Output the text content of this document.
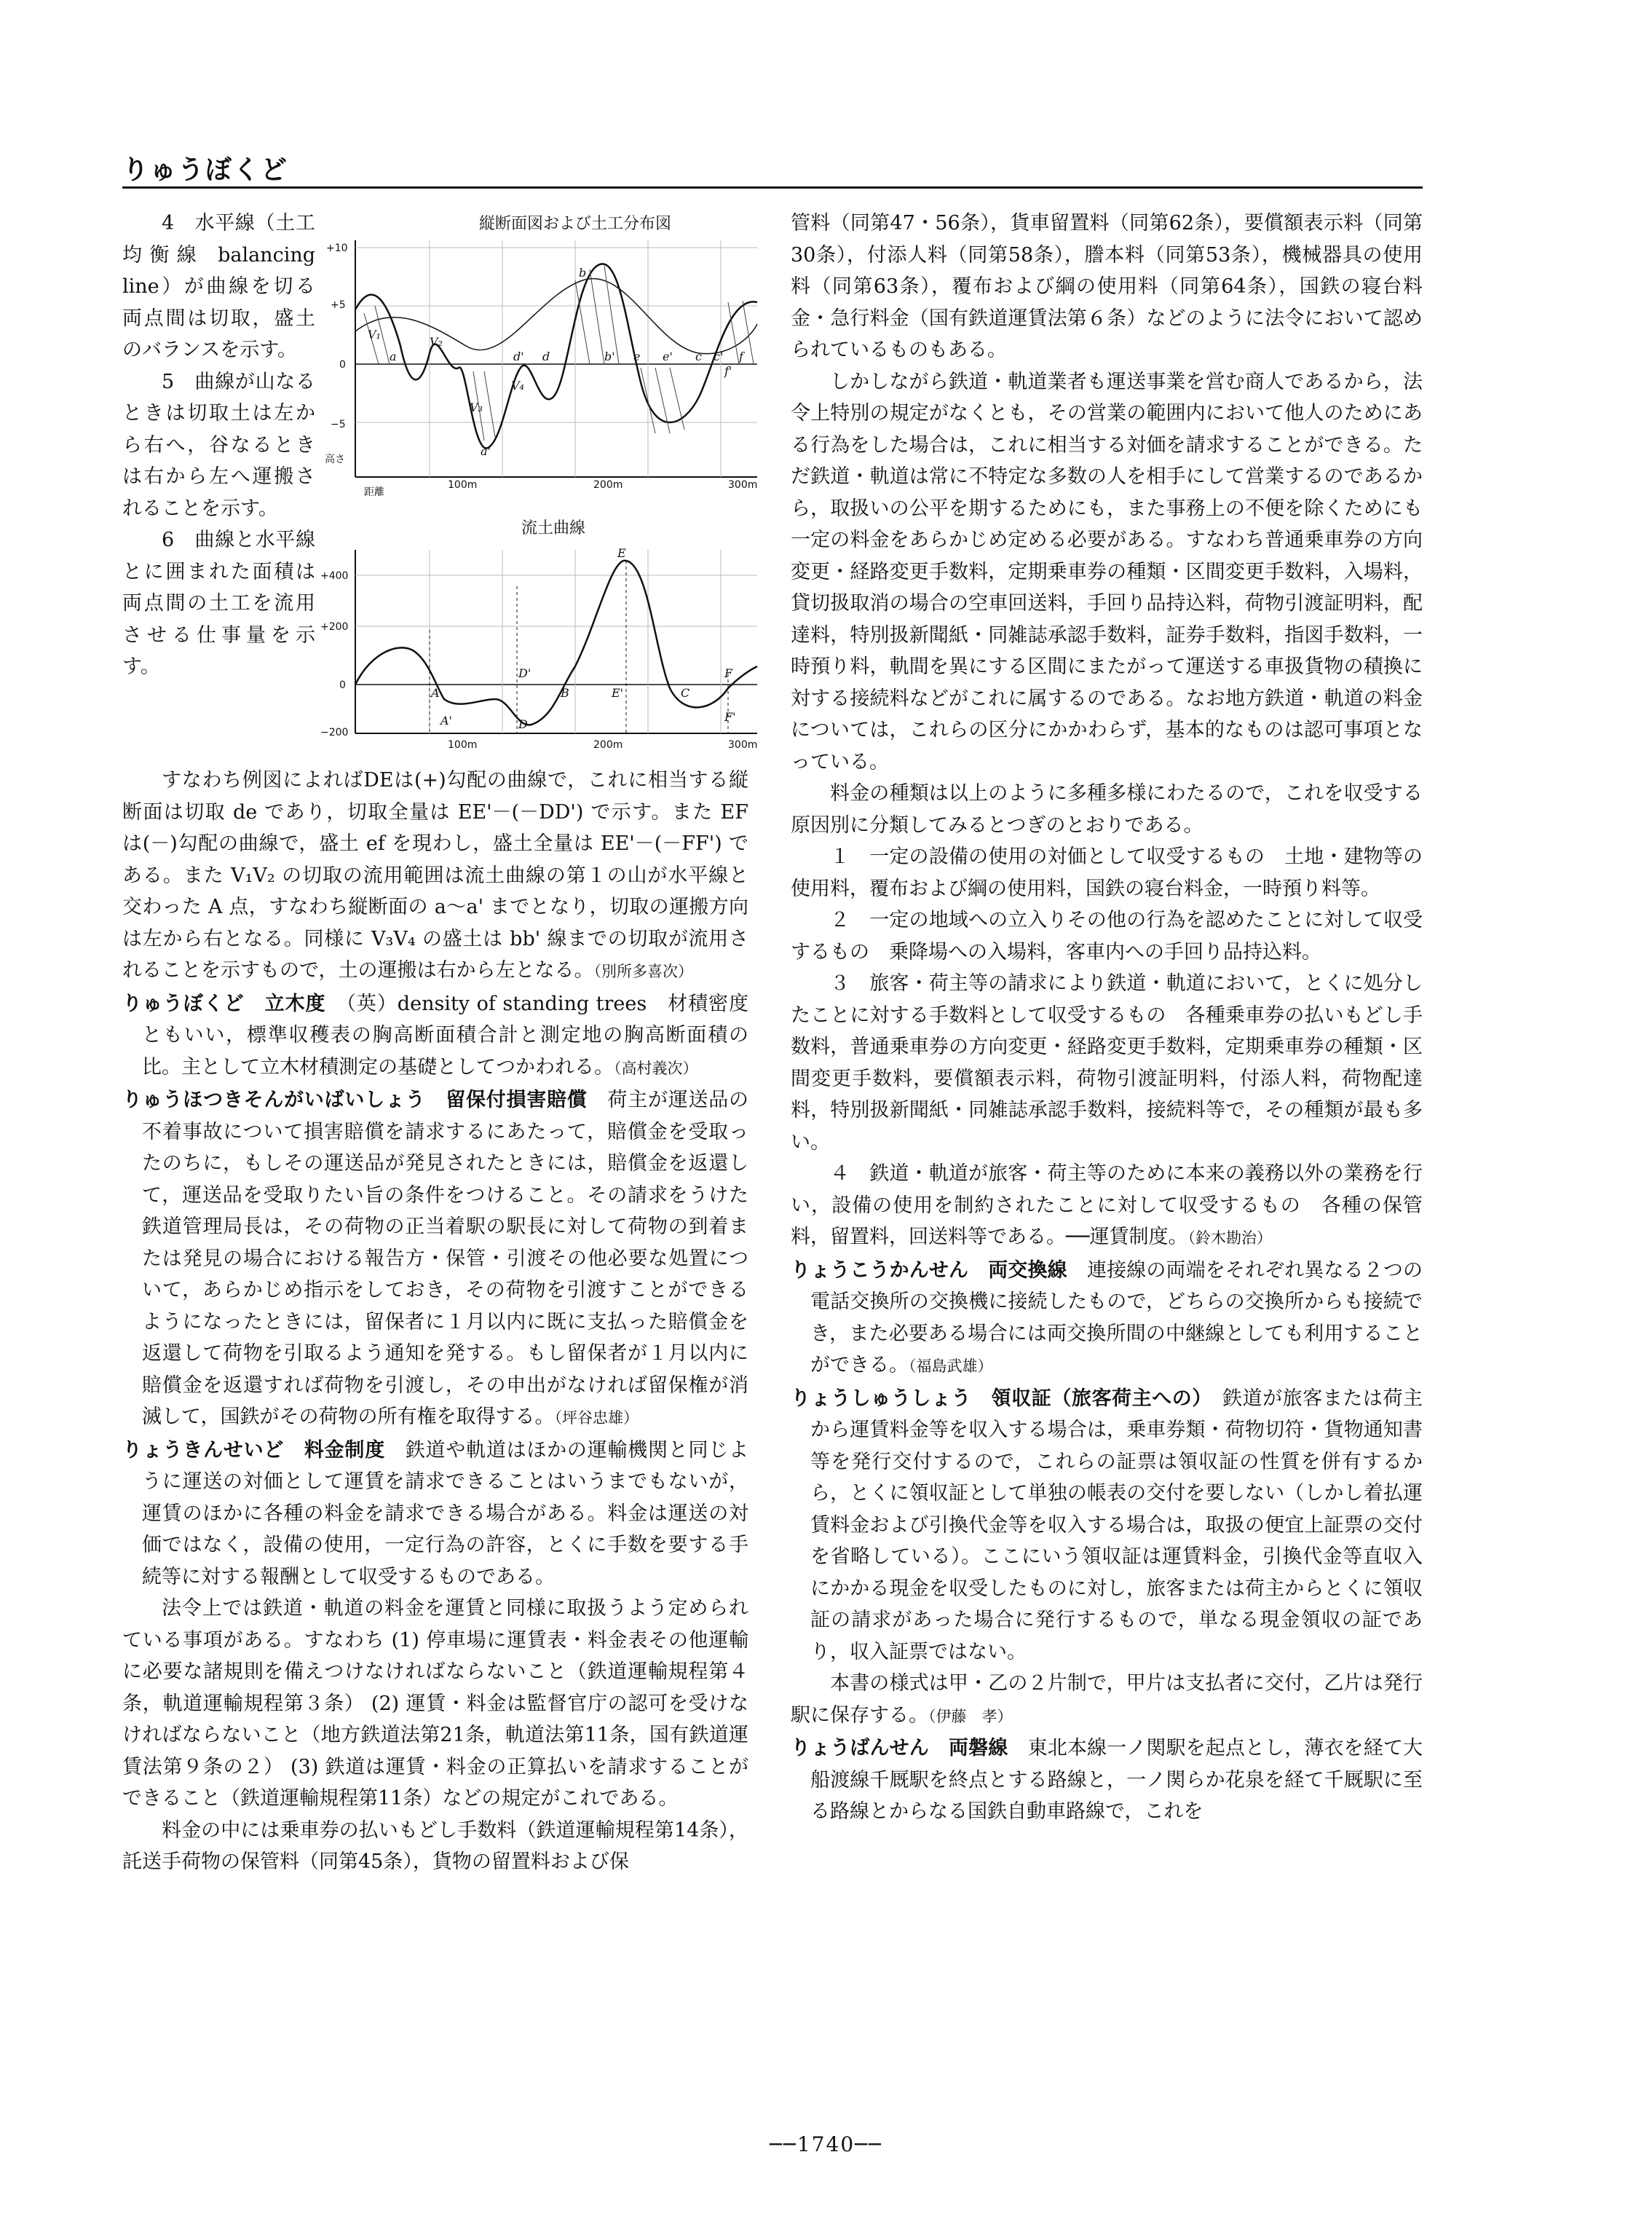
りゅうぼくど
縦断面図および土工分布図
+10
+5
0
−5
高さ
距離
100m	200m	300m
a
b
c
d	e	f
V₁
V₂
V₃
V₄
a'
b'
d'	e'	c'
f'
流土曲線
+400
+200
0
−200
100m	200m	300m
A	B	C
D
D'
E
E'
F
F'
A'

4　水平線（土工均衡線 balancing line）が曲線を切る両点間は切取，盛土のバランスを示す。

5　曲線が山なるときは切取土は左から右へ，谷なるときは右から左へ運搬されることを示す。

6　曲線と水平線とに囲まれた面積は両点間の土工を流用させる仕事量を示す。

すなわち例図によればDEは(+)勾配の曲線で，これに相当する縦断面は切取 de であり，切取全量は EE'－(－DD') で示す。また EF は(－)勾配の曲線で，盛土 ef を現わし，盛土全量は EE'－(－FF') である。また V₁V₂ の切取の流用範囲は流土曲線の第１の山が水平線と交わった A 点，すなわち縦断面の a～a' までとなり，切取の運搬方向は左から右となる。同様に V₃V₄ の盛土は bb' 線までの切取が流用されることを示すもので，土の運搬は右から左となる。（別所多喜次）

りゅうぼくど　立木度　 （英）density of standing trees　材積密度ともいい，標準収穫表の胸高断面積合計と測定地の胸高断面積の比。主として立木材積測定の基礎としてつかわれる。（高村義次）

りゅうほつきそんがいばいしょう　留保付損害賠償　 荷主が運送品の不着事故について損害賠償を請求するにあたって，賠償金を受取ったのちに，もしその運送品が発見されたときには，賠償金を返還して，運送品を受取りたい旨の条件をつけること。その請求をうけた鉄道管理局長は，その荷物の正当着駅の駅長に対して荷物の到着または発見の場合における報告方・保管・引渡その他必要な処置について，あらかじめ指示をしておき，その荷物を引渡すことができるようになったときには，留保者に１月以内に既に支払った賠償金を返還して荷物を引取るよう通知を発する。もし留保者が１月以内に賠償金を返還すれば荷物を引渡し，その申出がなければ留保権が消滅して，国鉄がその荷物の所有権を取得する。（坪谷忠雄）

りょうきんせいど　料金制度　 鉄道や軌道はほかの運輸機関と同じように運送の対価として運賃を請求できることはいうまでもないが，運賃のほかに各種の料金を請求できる場合がある。料金は運送の対価ではなく，設備の使用，一定行為の許容，とくに手数を要する手続等に対する報酬として収受するものである。

法令上では鉄道・軌道の料金を運賃と同様に取扱うよう定められている事項がある。すなわち (1) 停車場に運賃表・料金表その他運輸に必要な諸規則を備えつけなければならないこと（鉄道運輸規程第４条，軌道運輸規程第３条） (2) 運賃・料金は監督官庁の認可を受けなければならないこと（地方鉄道法第21条，軌道法第11条，国有鉄道運賃法第９条の２） (3) 鉄道は運賃・料金の正算払いを請求することができること（鉄道運輸規程第11条）などの規定がこれである。

料金の中には乗車券の払いもどし手数料（鉄道運輸規程第14条），託送手荷物の保管料（同第45条），貨物の留置料および保

管料（同第47・56条），貨車留置料（同第62条），要償額表示料（同第30条），付添人料（同第58条），謄本料（同第53条），機械器具の使用料（同第63条），覆布および綱の使用料（同第64条），国鉄の寝台料金・急行料金（国有鉄道運賃法第６条）などのように法令において認められているものもある。

しかしながら鉄道・軌道業者も運送事業を営む商人であるから，法令上特別の規定がなくとも，その営業の範囲内において他人のためにある行為をした場合は，これに相当する対価を請求することができる。ただ鉄道・軌道は常に不特定な多数の人を相手にして営業するのであるから，取扱いの公平を期するためにも，また事務上の不便を除くためにも一定の料金をあらかじめ定める必要がある。すなわち普通乗車券の方向変更・経路変更手数料，定期乗車券の種類・区間変更手数料，入場料，貸切扱取消の場合の空車回送料，手回り品持込料，荷物引渡証明料，配達料，特別扱新聞紙・同雑誌承認手数料，証券手数料，指図手数料，一時預り料，軌間を異にする区間にまたがって運送する車扱貨物の積換に対する接続料などがこれに属するのである。なお地方鉄道・軌道の料金については，これらの区分にかかわらず，基本的なものは認可事項となっている。

料金の種類は以上のように多種多様にわたるので，これを収受する原因別に分類してみるとつぎのとおりである。

１　一定の設備の使用の対価として収受するもの　土地・建物等の使用料，覆布および綱の使用料，国鉄の寝台料金，一時預り料等。

２　一定の地域への立入りその他の行為を認めたことに対して収受するもの　乗降場への入場料，客車内への手回り品持込料。

３　旅客・荷主等の請求により鉄道・軌道において，とくに処分したことに対する手数料として収受するもの　各種乗車券の払いもどし手数料，普通乗車券の方向変更・経路変更手数料，定期乗車券の種類・区間変更手数料，要償額表示料，荷物引渡証明料，付添人料，荷物配達料，特別扱新聞紙・同雑誌承認手数料，接続料等で，その種類が最も多い。

４　鉄道・軌道が旅客・荷主等のために本来の義務以外の業務を行い，設備の使用を制約されたことに対して収受するもの　各種の保管料，留置料，回送料等である。──運賃制度。（鈴木勘治）

りょうこうかんせん　両交換線　 連接線の両端をそれぞれ異なる２つの電話交換所の交換機に接続したもので，どちらの交換所からも接続でき，また必要ある場合には両交換所間の中継線としても利用することができる。（福島武雄）

りょうしゅうしょう　領収証（旅客荷主への）　 鉄道が旅客または荷主から運賃料金等を収入する場合は，乗車券類・荷物切符・貨物通知書等を発行交付するので，これらの証票は領収証の性質を併有するから，とくに領収証として単独の帳表の交付を要しない（しかし着払運賃料金および引換代金等を収入する場合は，取扱の便宜上証票の交付を省略している）。ここにいう領収証は運賃料金，引換代金等直収入にかかる現金を収受したものに対し，旅客または荷主からとくに領収証の請求があった場合に発行するもので，単なる現金領収の証であり，収入証票ではない。

本書の様式は甲・乙の２片制で，甲片は支払者に交付，乙片は発行駅に保存する。（伊藤　孝）

りょうばんせん　両磐線　 東北本線一ノ関駅を起点とし，薄衣を経て大船渡線千厩駅を終点とする路線と，一ノ関らか花泉を経て千厩駅に至る路線とからなる国鉄自動車路線で，これを

──1740──
